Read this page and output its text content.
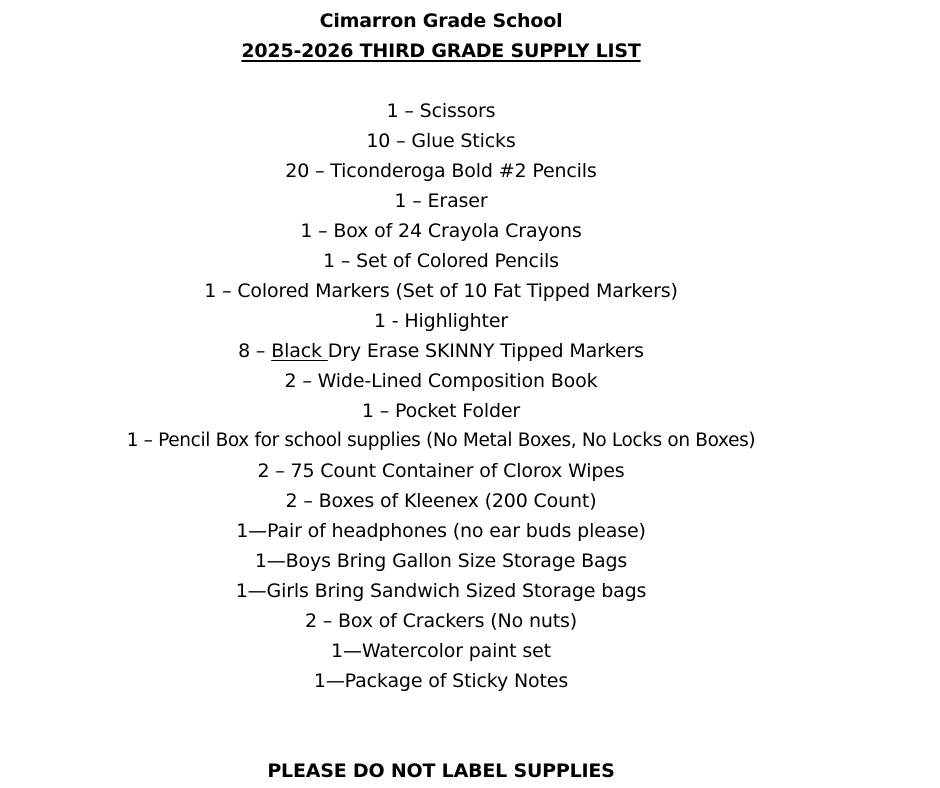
Cimarron Grade School
2025-2026 THIRD GRADE SUPPLY LIST
1 – Scissors
10 – Glue Sticks
20 – Ticonderoga Bold #2 Pencils
1 – Eraser
1 – Box of 24 Crayola Crayons
1 – Set of Colored Pencils
1 – Colored Markers (Set of 10 Fat Tipped Markers)
1 - Highlighter
8 – Black Dry Erase SKINNY Tipped Markers
2 – Wide-Lined Composition Book
1 – Pocket Folder
1 – Pencil Box for school supplies (No Metal Boxes, No Locks on Boxes)
2 – 75 Count Container of Clorox Wipes
2 – Boxes of Kleenex (200 Count)
1—Pair of headphones (no ear buds please)
1—Boys Bring Gallon Size Storage Bags
1—Girls Bring Sandwich Sized Storage bags
2 – Box of Crackers (No nuts)
1—Watercolor paint set
1—Package of Sticky Notes
PLEASE DO NOT LABEL SUPPLIES
